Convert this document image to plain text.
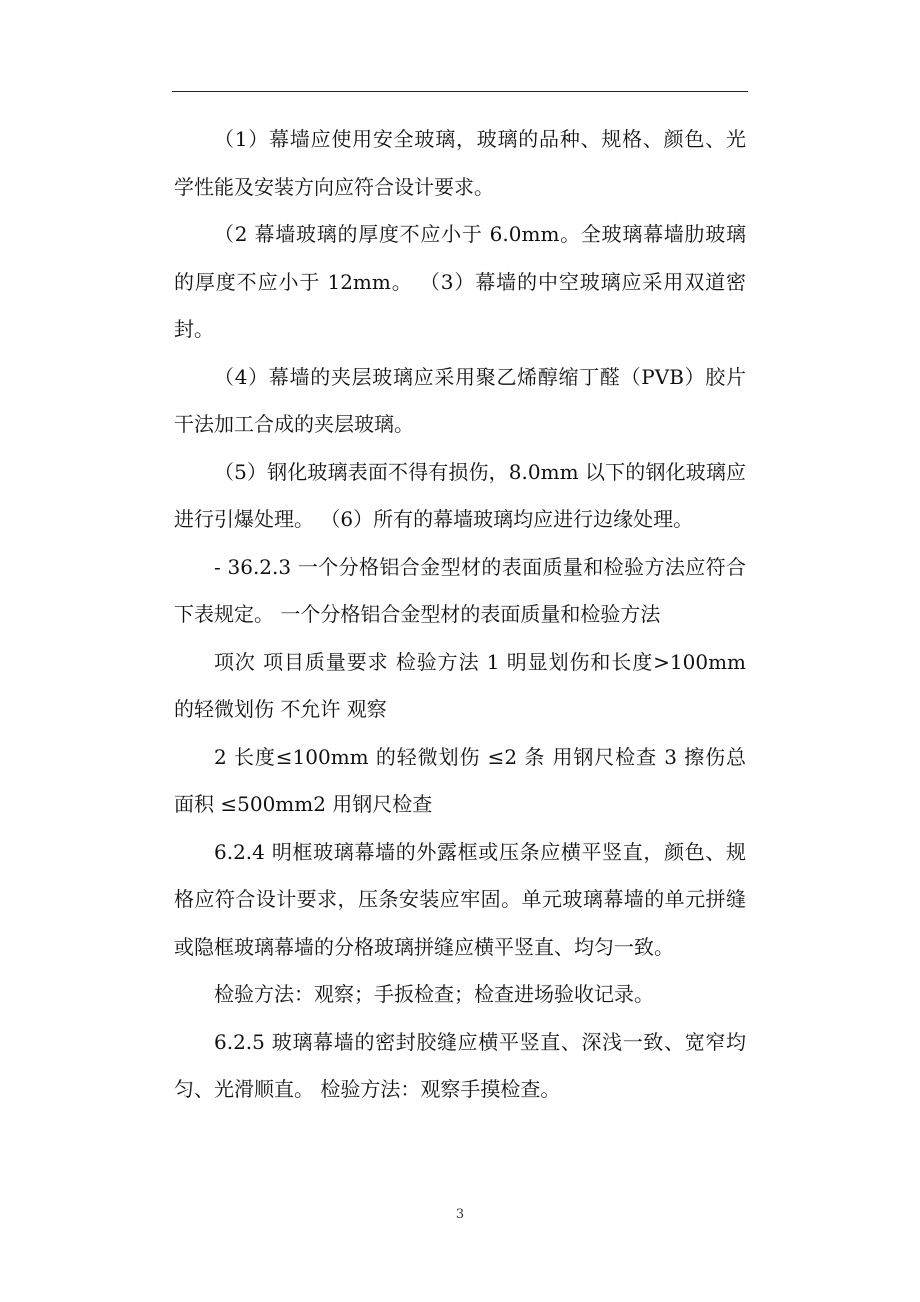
（1）幕墙应使用安全玻璃，玻璃的品种、规格、颜色、光学性能及安装方向应符合设计要求。

（2 幕墙玻璃的厚度不应小于 6.0mm。全玻璃幕墙肋玻璃的厚度不应小于 12mm。 （3）幕墙的中空玻璃应采用双道密封。

（4）幕墙的夹层玻璃应采用聚乙烯醇缩丁醛（PVB）胶片干法加工合成的夹层玻璃。

（5）钢化玻璃表面不得有损伤，8.0mm 以下的钢化玻璃应进行引爆处理。 （6）所有的幕墙玻璃均应进行边缘处理。

- 36.2.3 一个分格铝合金型材的表面质量和检验方法应符合下表规定。 一个分格铝合金型材的表面质量和检验方法

项次 项目质量要求 检验方法 1 明显划伤和长度>100mm 的轻微划伤 不允许 观察

2 长度≤100mm 的轻微划伤 ≤2 条 用钢尺检查 3 擦伤总面积 ≤500mm2 用钢尺检查

6.2.4 明框玻璃幕墙的外露框或压条应横平竖直，颜色、规格应符合设计要求，压条安装应牢固。单元玻璃幕墙的单元拼缝或隐框玻璃幕墙的分格玻璃拼缝应横平竖直、均匀一致。

检验方法：观察；手扳检查；检查进场验收记录。

6.2.5 玻璃幕墙的密封胶缝应横平竖直、深浅一致、宽窄均匀、光滑顺直。 检验方法：观察手摸检查。

3
